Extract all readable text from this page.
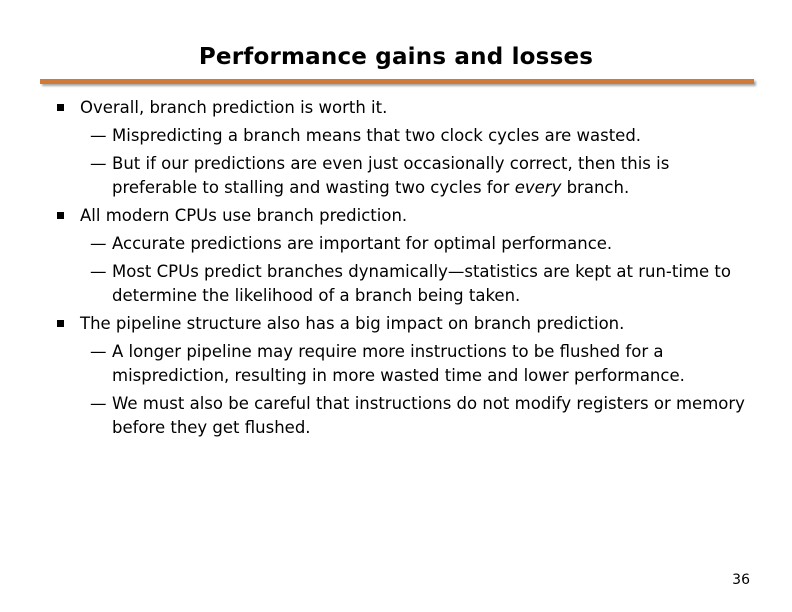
Performance gains and losses
Overall, branch prediction is worth it.
— Mispredicting a branch means that two clock cycles are wasted.
— But if our predictions are even just occasionally correct, then this is preferable to stalling and wasting two cycles for every branch.
All modern CPUs use branch prediction.
— Accurate predictions are important for optimal performance.
— Most CPUs predict branches dynamically—statistics are kept at run-time to determine the likelihood of a branch being taken.
The pipeline structure also has a big impact on branch prediction.
— A longer pipeline may require more instructions to be flushed for a misprediction, resulting in more wasted time and lower performance.
— We must also be careful that instructions do not modify registers or memory before they get flushed.
36
